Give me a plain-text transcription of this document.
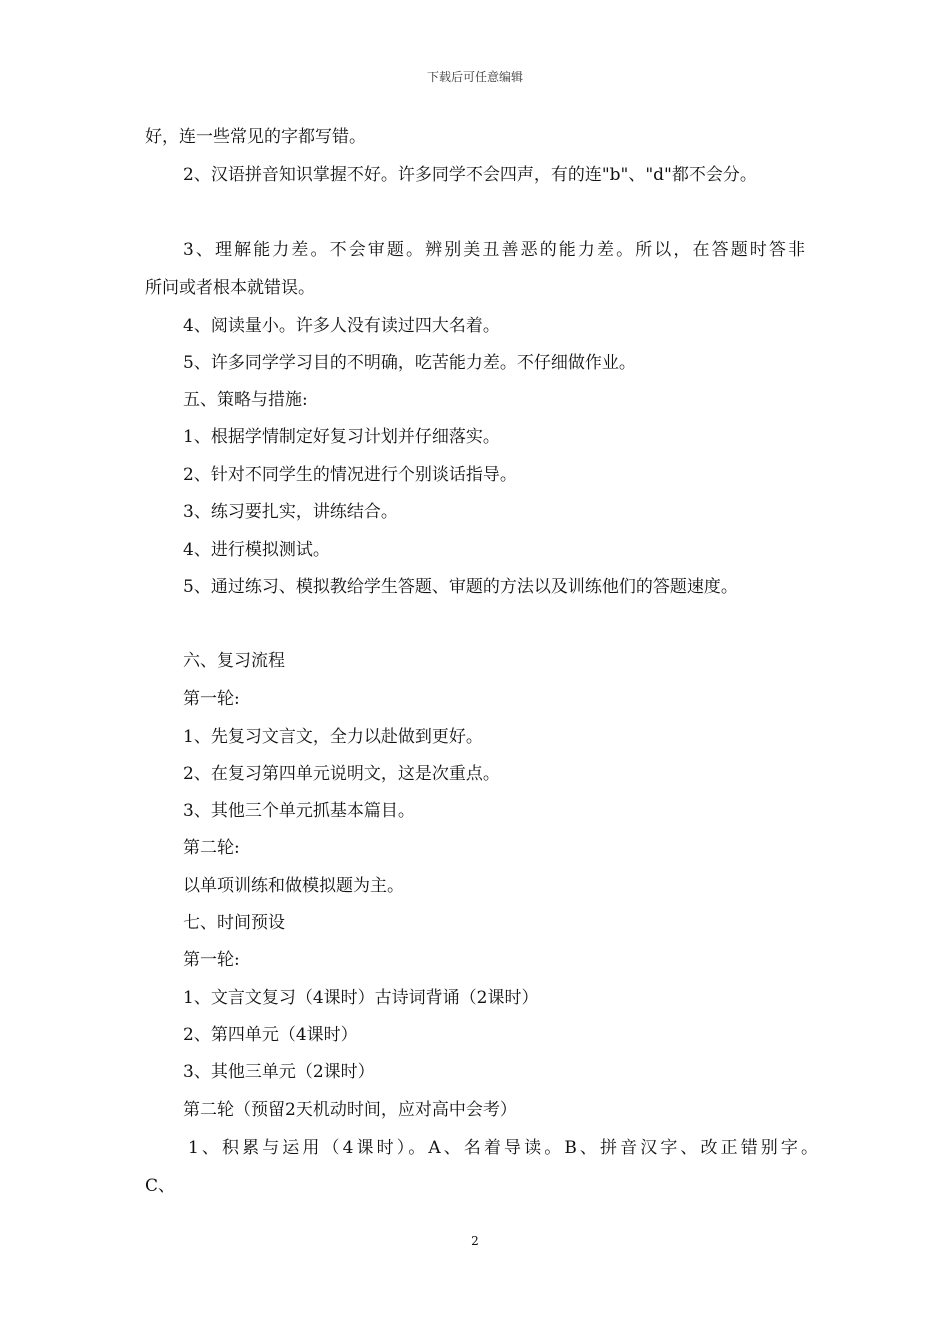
下载后可任意编辑
好，连一些常见的字都写错。
2、汉语拼音知识掌握不好。许多同学不会四声，有的连"b"、"d"都不会分。
3、理解能力差。不会审题。辨别美丑善恶的能力差。所以，在答题时答非
所问或者根本就错误。
4、阅读量小。许多人没有读过四大名着。
5、许多同学学习目的不明确，吃苦能力差。不仔细做作业。
五、策略与措施:
1、根据学情制定好复习计划并仔细落实。
2、针对不同学生的情况进行个别谈话指导。
3、练习要扎实，讲练结合。
4、进行模拟测试。
5、通过练习、模拟教给学生答题、审题的方法以及训练他们的答题速度。
六、复习流程
第一轮:
1、先复习文言文，全力以赴做到更好。
2、在复习第四单元说明文，这是次重点。
3、其他三个单元抓基本篇目。
第二轮:
以单项训练和做模拟题为主。
七、时间预设
第一轮:
1、文言文复习（4课时）古诗词背诵（2课时）
2、第四单元（4课时）
3、其他三单元（2课时）
第二轮（预留2天机动时间，应对高中会考）
1、积累与运用（4课时）。A、名着导读。B、拼音汉字、改正错别字。
C、
2
